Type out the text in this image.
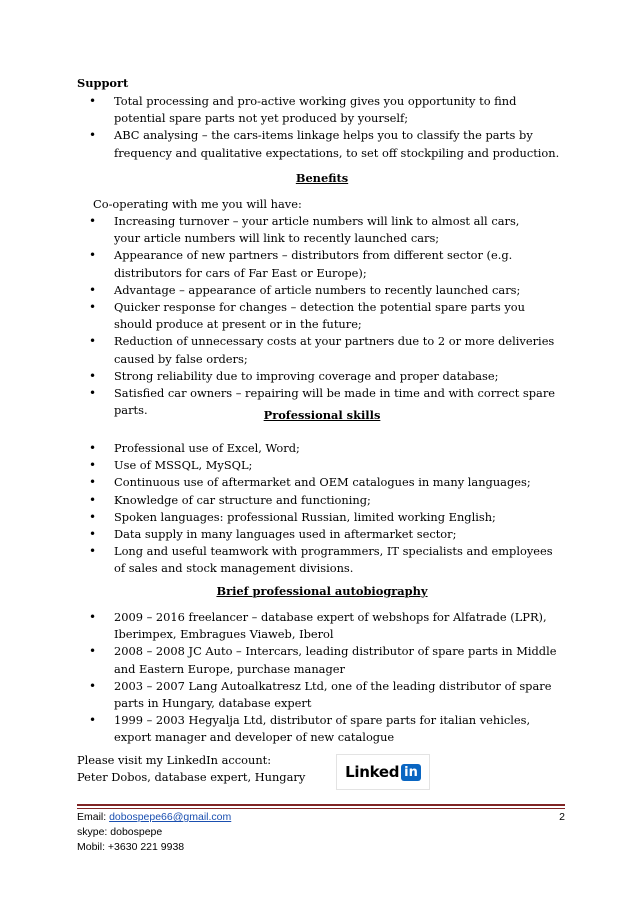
Support
• Total processing and pro-active working gives you opportunity to find
potential spare parts not yet produced by yourself;
• ABC analysing – the cars-items linkage helps you to classify the parts by
frequency and qualitative expectations, to set off stockpiling and production.
Benefits
Co-operating with me you will have:
• Increasing turnover – your article numbers will link to almost all cars,
your article numbers will link to recently launched cars;
• Appearance of new partners – distributors from different sector (e.g.
distributors for cars of Far East or Europe);
• Advantage – appearance of article numbers to recently launched cars;
• Quicker response for changes – detection the potential spare parts you
should produce at present or in the future;
• Reduction of unnecessary costs at your partners due to 2 or more deliveries
caused by false orders;
• Strong reliability due to improving coverage and proper database;
• Satisfied car owners – repairing will be made in time and with correct spare
parts.	Professional skills
• Professional use of Excel, Word;
• Use of MSSQL, MySQL;
• Continuous use of aftermarket and OEM catalogues in many languages;
• Knowledge of car structure and functioning;
• Spoken languages: professional Russian, limited working English;
• Data supply in many languages used in aftermarket sector;
• Long and useful teamwork with programmers, IT specialists and employees
of sales and stock management divisions.
Brief professional autobiography
• 2009 – 2016 freelancer – database expert of webshops for Alfatrade (LPR),
Iberimpex, Embragues Viaweb, Iberol
• 2008 – 2008 JC Auto – Intercars, leading distributor of spare parts in Middle
and Eastern Europe, purchase manager
• 2003 – 2007 Lang Autoalkatresz Ltd, one of the leading distributor of spare
parts in Hungary, database expert
• 1999 – 2003 Hegyalja Ltd, distributor of spare parts for italian vehicles,
export manager and developer of new catalogue
Please visit my LinkedIn account:
Peter Dobos, database expert, Hungary	Linked in
Email: dobospepe66@gmail.com
skype: dobospepe
Mobil: +3630 221 9938
2
